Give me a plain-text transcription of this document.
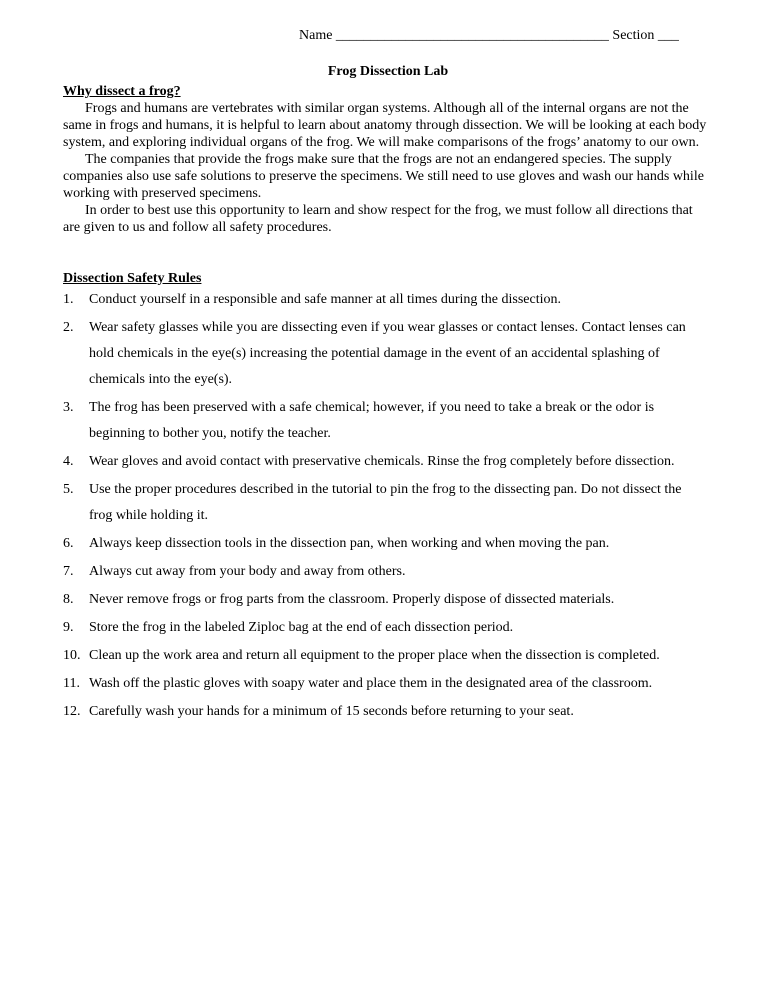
Name _______________________________________ Section ___
Frog Dissection Lab
Why dissect a frog?

Frogs and humans are vertebrates with similar organ systems. Although all of the internal organs are not the same in frogs and humans, it is helpful to learn about anatomy through dissection. We will be looking at each body system, and exploring individual organs of the frog. We will make comparisons of the frogs’ anatomy to our own.

The companies that provide the frogs make sure that the frogs are not an endangered species. The supply companies also use safe solutions to preserve the specimens. We still need to use gloves and wash our hands while working with preserved specimens.

In order to best use this opportunity to learn and show respect for the frog, we must follow all directions that are given to us and follow all safety procedures.

Dissection Safety Rules
1.	Conduct yourself in a responsible and safe manner at all times during the dissection.
2.	Wear safety glasses while you are dissecting even if you wear glasses or contact lenses. Contact lenses can hold chemicals in the eye(s) increasing the potential damage in the event of an accidental splashing of chemicals into the eye(s).
3.	The frog has been preserved with a safe chemical; however, if you need to take a break or the odor is beginning to bother you, notify the teacher.
4.	Wear gloves and avoid contact with preservative chemicals. Rinse the frog completely before dissection.
5.	Use the proper procedures described in the tutorial to pin the frog to the dissecting pan. Do not dissect the frog while holding it.
6.	Always keep dissection tools in the dissection pan, when working and when moving the pan.
7.	Always cut away from your body and away from others.
8.	Never remove frogs or frog parts from the classroom. Properly dispose of dissected materials.
9.	Store the frog in the labeled Ziploc bag at the end of each dissection period.
10. Clean up the work area and return all equipment to the proper place when the dissection is completed.
11. Wash off the plastic gloves with soapy water and place them in the designated area of the classroom.
12. Carefully wash your hands for a minimum of 15 seconds before returning to your seat.
